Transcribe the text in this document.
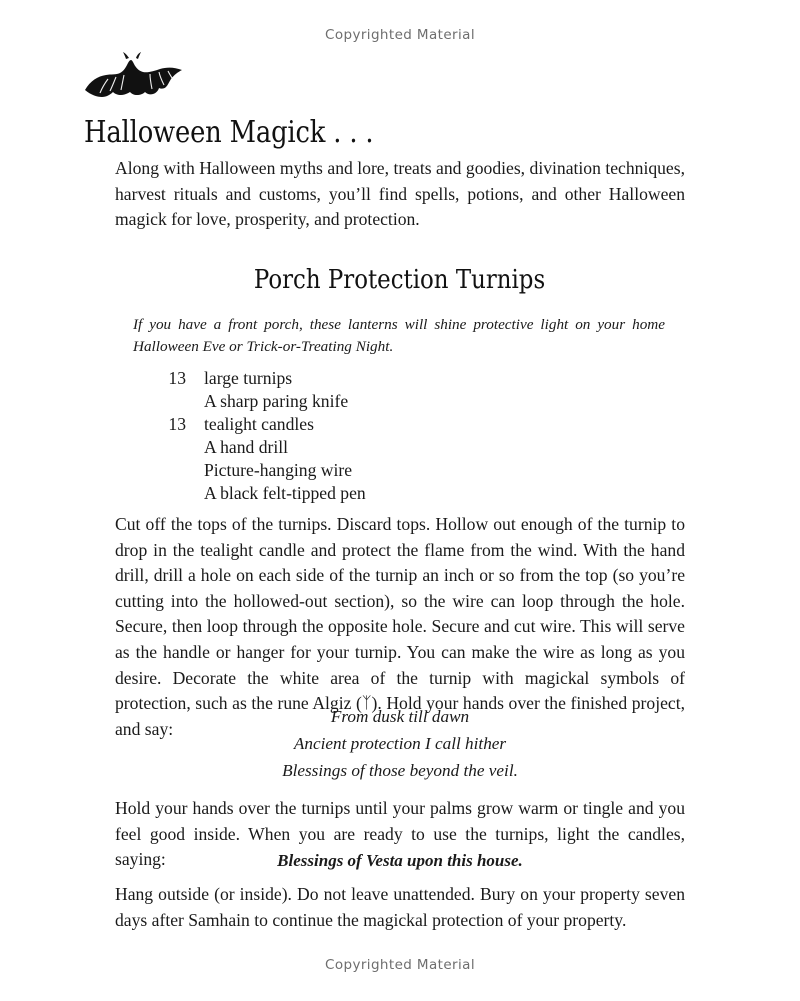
Copyrighted Material
Halloween Magick . . .
Along with Halloween myths and lore, treats and goodies, divination techniques, harvest rituals and customs, you’ll find spells, potions, and other Halloween magick for love, prosperity, and protection.
Porch Protection Turnips
If you have a front porch, these lanterns will shine protective light on your home Halloween Eve or Trick-or-Treating Night.
13	large turnips
A sharp paring knife
13	tealight candles
A hand drill
Picture-hanging wire
A black felt-tipped pen
Cut off the tops of the turnips. Discard tops. Hollow out enough of the turnip to drop in the tealight candle and protect the flame from the wind. With the hand drill, drill a hole on each side of the turnip an inch or so from the top (so you’re cutting into the hollowed-out section), so the wire can loop through the hole. Secure, then loop through the opposite hole. Secure and cut wire. This will serve as the handle or hanger for your turnip. You can make the wire as long as you desire. Decorate the white area of the turnip with magickal symbols of protection, such as the rune Algiz (ᛉ). Hold your hands over the finished project, and say:
From dusk till dawn
Ancient protection I call hither
Blessings of those beyond the veil.
Hold your hands over the turnips until your palms grow warm or tingle and you feel good inside. When you are ready to use the turnips, light the candles, saying:	Blessings of Vesta upon this house.
Hang outside (or inside). Do not leave unattended. Bury on your property seven days after Samhain to continue the magickal protection of your property.
Copyrighted Material
